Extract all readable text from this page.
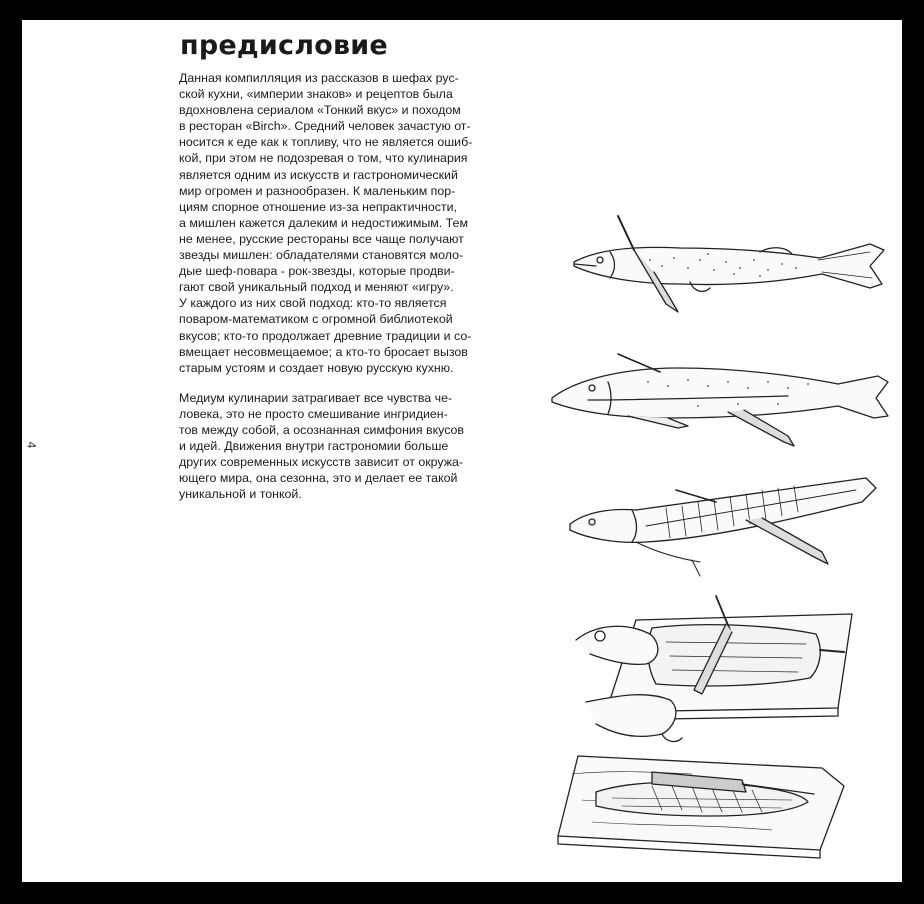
предисловие

Данная компилляция из рассказов в шефах рус-
ской кухни, «империи знаков» и рецептов была
вдохновлена сериалом «Тонкий вкус» и походом
в ресторан «Birch». Средний человек зачастую от-
носится к еде как к топливу, что не является ошиб-
кой, при этом не подозревая о том, что кулинария
является одним из искусств и гастрономический
мир огромен и разнообразен. К маленьким пор-
циям спорное отношение из-за непрактичности,
а мишлен кажется далеким и недостижимым. Тем
не менее, русские рестораны все чаще получают
звезды мишлен: обладателями становятся моло-
дые шеф-повара - рок-звезды, которые продви-
гают свой уникальный подход и меняют «игру».
У каждого из них свой подход: кто-то является
поваром-математиком с огромной библиотекой
вкусов; кто-то продолжает древние традиции и со-
вмещает несовмещаемое; а кто-то бросает вызов
старым устоям и создает новую русскую кухню.

Медиум кулинарии затрагивает все чувства че-
ловека, это не просто смешивание ингридиен-
тов между собой, а осознанная симфония вкусов
и идей. Движения внутри гастрономии больше
других современных искусств зависит от окружа-
ющего мира, она сезонна, это и делает ее такой
уникальной и тонкой.

4
